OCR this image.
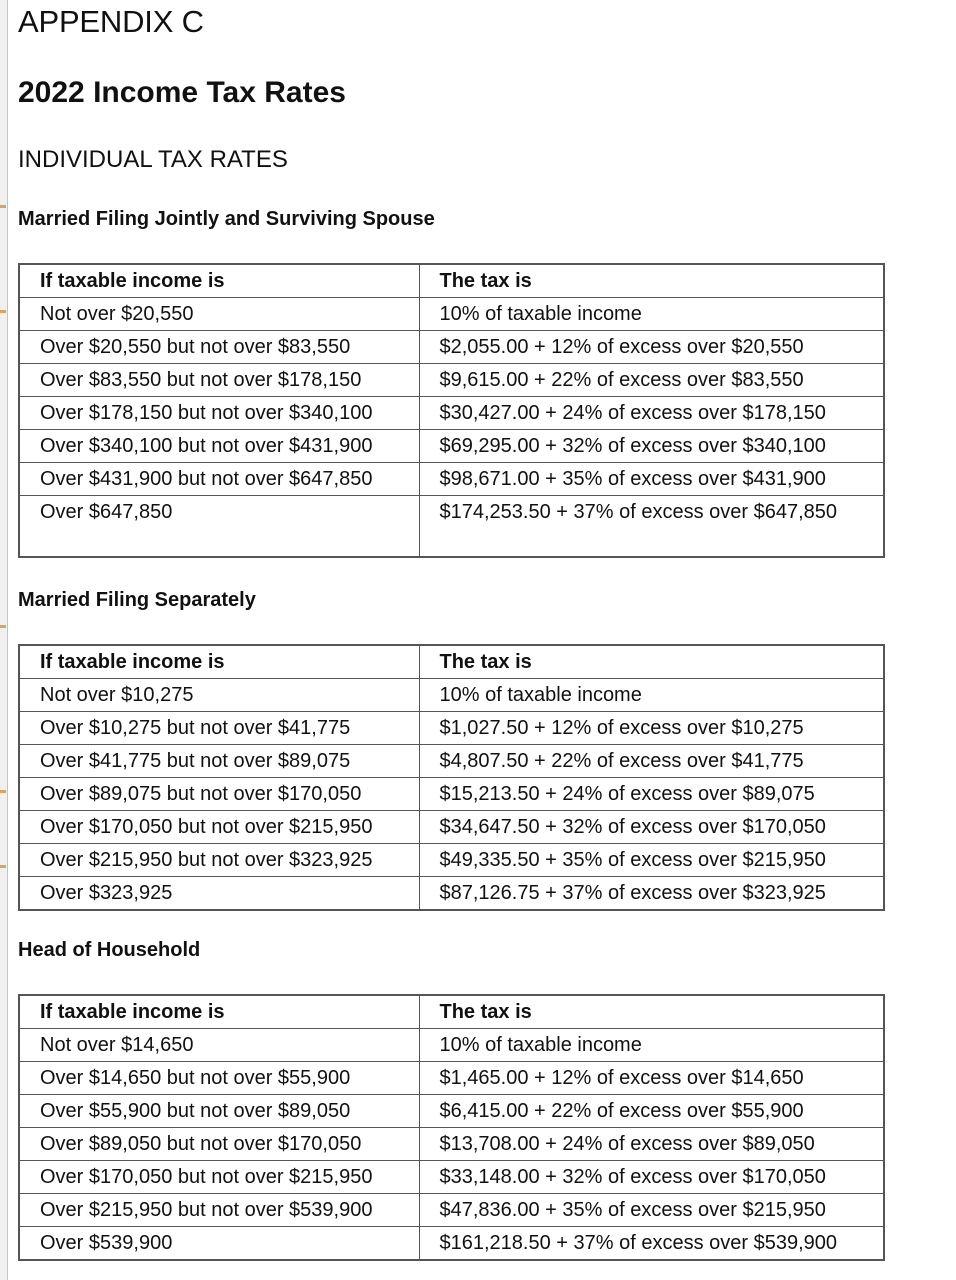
APPENDIX C
2022 Income Tax Rates
INDIVIDUAL TAX RATES
Married Filing Jointly and Surviving Spouse
If taxable income is	The tax is
Not over $20,550	10% of taxable income
Over $20,550 but not over $83,550	$2,055.00 + 12% of excess over $20,550
Over $83,550 but not over $178,150	$9,615.00 + 22% of excess over $83,550
Over $178,150 but not over $340,100	$30,427.00 + 24% of excess over $178,150
Over $340,100 but not over $431,900	$69,295.00 + 32% of excess over $340,100
Over $431,900 but not over $647,850	$98,671.00 + 35% of excess over $431,900
Over $647,850	$174,253.50 + 37% of excess over $647,850
Married Filing Separately
If taxable income is	The tax is
Not over $10,275	10% of taxable income
Over $10,275 but not over $41,775	$1,027.50 + 12% of excess over $10,275
Over $41,775 but not over $89,075	$4,807.50 + 22% of excess over $41,775
Over $89,075 but not over $170,050	$15,213.50 + 24% of excess over $89,075
Over $170,050 but not over $215,950	$34,647.50 + 32% of excess over $170,050
Over $215,950 but not over $323,925	$49,335.50 + 35% of excess over $215,950
Over $323,925	$87,126.75 + 37% of excess over $323,925
Head of Household
If taxable income is	The tax is
Not over $14,650	10% of taxable income
Over $14,650 but not over $55,900	$1,465.00 + 12% of excess over $14,650
Over $55,900 but not over $89,050	$6,415.00 + 22% of excess over $55,900
Over $89,050 but not over $170,050	$13,708.00 + 24% of excess over $89,050
Over $170,050 but not over $215,950	$33,148.00 + 32% of excess over $170,050
Over $215,950 but not over $539,900	$47,836.00 + 35% of excess over $215,950
Over $539,900	$161,218.50 + 37% of excess over $539,900
